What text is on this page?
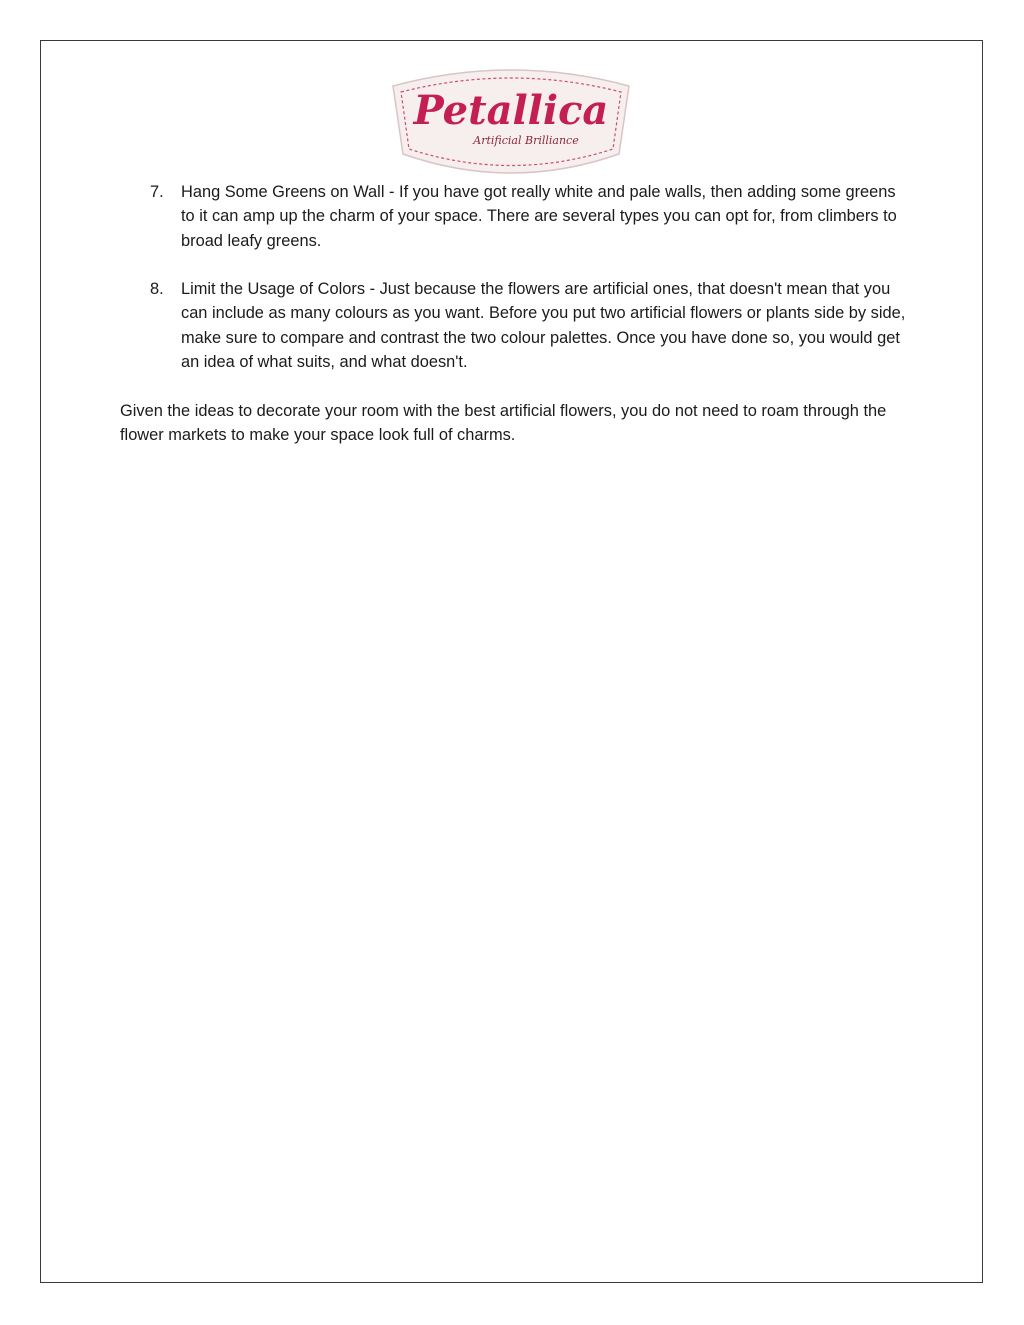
Petallica
Artificial Brilliance
7. Hang Some Greens on Wall - If you have got really white and pale walls, then adding some greens to it can amp up the charm of your space. There are several types you can opt for, from climbers to broad leafy greens.
8. Limit the Usage of Colors - Just because the flowers are artificial ones, that doesn't mean that you can include as many colours as you want. Before you put two artificial flowers or plants side by side, make sure to compare and contrast the two colour palettes. Once you have done so, you would get an idea of what suits, and what doesn't.

Given the ideas to decorate your room with the best artificial flowers, you do not need to roam through the flower markets to make your space look full of charms.
